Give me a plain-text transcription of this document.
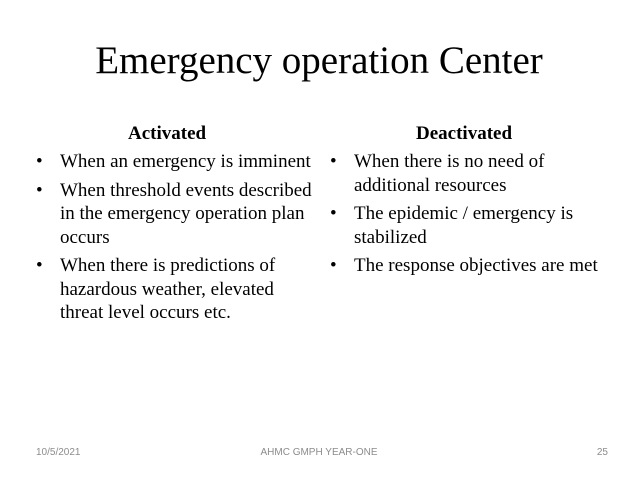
Emergency operation Center
Activated
• When an emergency is imminent
• When threshold events described in the emergency operation plan occurs
• When there is predictions of hazardous weather, elevated threat level occurs etc.
Deactivated
• When there is no need of additional resources
• The epidemic / emergency is stabilized
• The response objectives are met
10/5/2021	AHMC GMPH YEAR-ONE	25
